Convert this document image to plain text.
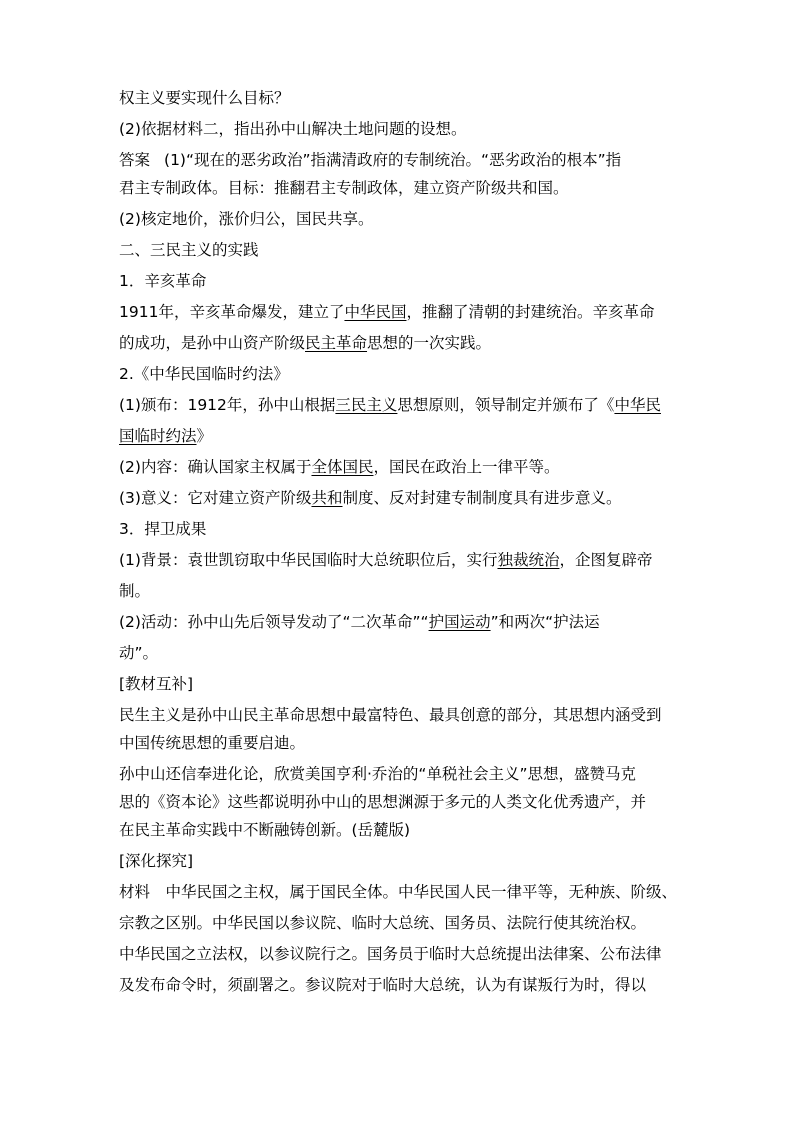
权主义要实现什么目标？
(2)依据材料二，指出孙中山解决土地问题的设想。
答案 (1)“现在的恶劣政治”指满清政府的专制统治。“恶劣政治的根本”指
君主专制政体。目标：推翻君主专制政体，建立资产阶级共和国。
(2)核定地价，涨价归公，国民共享。
二、三民主义的实践
1．辛亥革命
1911年，辛亥革命爆发，建立了中华民国，推翻了清朝的封建统治。辛亥革命
的成功，是孙中山资产阶级民主革命思想的一次实践。
2.《中华民国临时约法》
(1)颁布：1912年，孙中山根据三民主义思想原则，领导制定并颁布了《中华民
国临时约法》
(2)内容：确认国家主权属于全体国民，国民在政治上一律平等。
(3)意义：它对建立资产阶级共和制度、反对封建专制制度具有进步意义。
3．捍卫成果
(1)背景：袁世凯窃取中华民国临时大总统职位后，实行独裁统治，企图复辟帝
制。
(2)活动：孙中山先后领导发动了“二次革命”“护国运动”和两次“护法运
动”。
[教材互补]
民生主义是孙中山民主革命思想中最富特色、最具创意的部分，其思想内涵受到
中国传统思想的重要启迪。
孙中山还信奉进化论，欣赏美国亨利·乔治的“单税社会主义”思想，盛赞马克
思的《资本论》这些都说明孙中山的思想渊源于多元的人类文化优秀遗产，并
在民主革命实践中不断融铸创新。(岳麓版)
[深化探究]
材料　中华民国之主权，属于国民全体。中华民国人民一律平等，无种族、阶级、
宗教之区别。中华民国以参议院、临时大总统、国务员、法院行使其统治权。
中华民国之立法权，以参议院行之。国务员于临时大总统提出法律案、公布法律
及发布命令时，须副署之。参议院对于临时大总统，认为有谋叛行为时，得以
